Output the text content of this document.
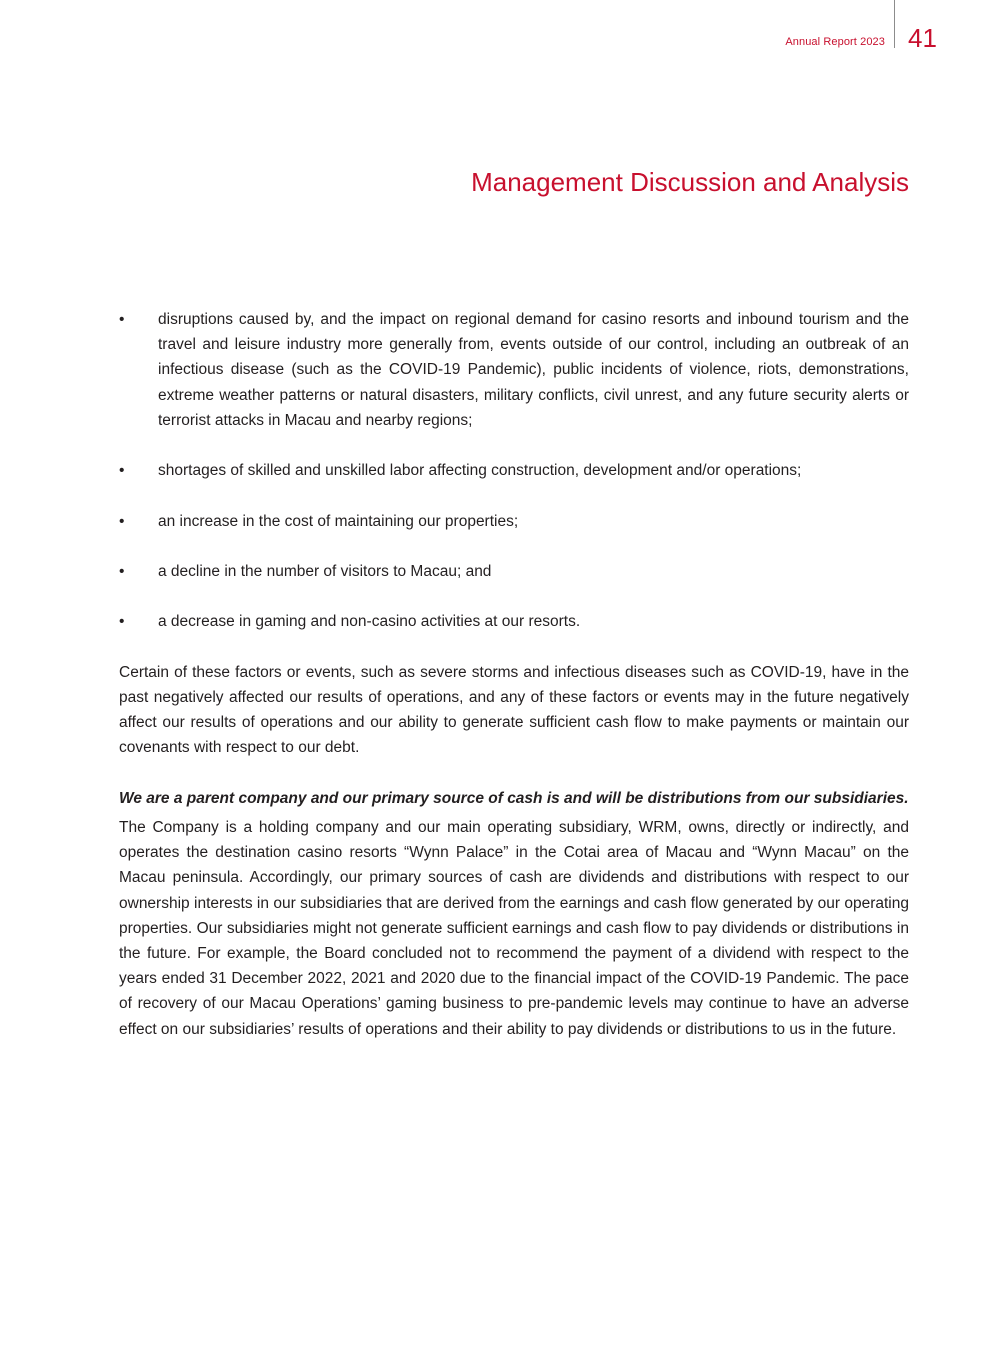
Annual Report 2023 41
Management Discussion and Analysis
• disruptions caused by, and the impact on regional demand for casino resorts and inbound tourism and the travel and leisure industry more generally from, events outside of our control, including an outbreak of an infectious disease (such as the COVID-19 Pandemic), public incidents of violence, riots, demonstrations, extreme weather patterns or natural disasters, military conflicts, civil unrest, and any future security alerts or terrorist attacks in Macau and nearby regions;
• shortages of skilled and unskilled labor affecting construction, development and/or operations;
• an increase in the cost of maintaining our properties;
• a decline in the number of visitors to Macau; and
• a decrease in gaming and non-casino activities at our resorts.

Certain of these factors or events, such as severe storms and infectious diseases such as COVID-19, have in the past negatively affected our results of operations, and any of these factors or events may in the future negatively affect our results of operations and our ability to generate sufficient cash flow to make payments or maintain our covenants with respect to our debt.

We are a parent company and our primary source of cash is and will be distributions from our subsidiaries.

The Company is a holding company and our main operating subsidiary, WRM, owns, directly or indirectly, and operates the destination casino resorts “Wynn Palace” in the Cotai area of Macau and “Wynn Macau” on the Macau peninsula. Accordingly, our primary sources of cash are dividends and distributions with respect to our ownership interests in our subsidiaries that are derived from the earnings and cash flow generated by our operating properties. Our subsidiaries might not generate sufficient earnings and cash flow to pay dividends or distributions in the future. For example, the Board concluded not to recommend the payment of a dividend with respect to the years ended 31 December 2022, 2021 and 2020 due to the financial impact of the COVID-19 Pandemic. The pace of recovery of our Macau Operations’ gaming business to pre-pandemic levels may continue to have an adverse effect on our subsidiaries’ results of operations and their ability to pay dividends or distributions to us in the future.
